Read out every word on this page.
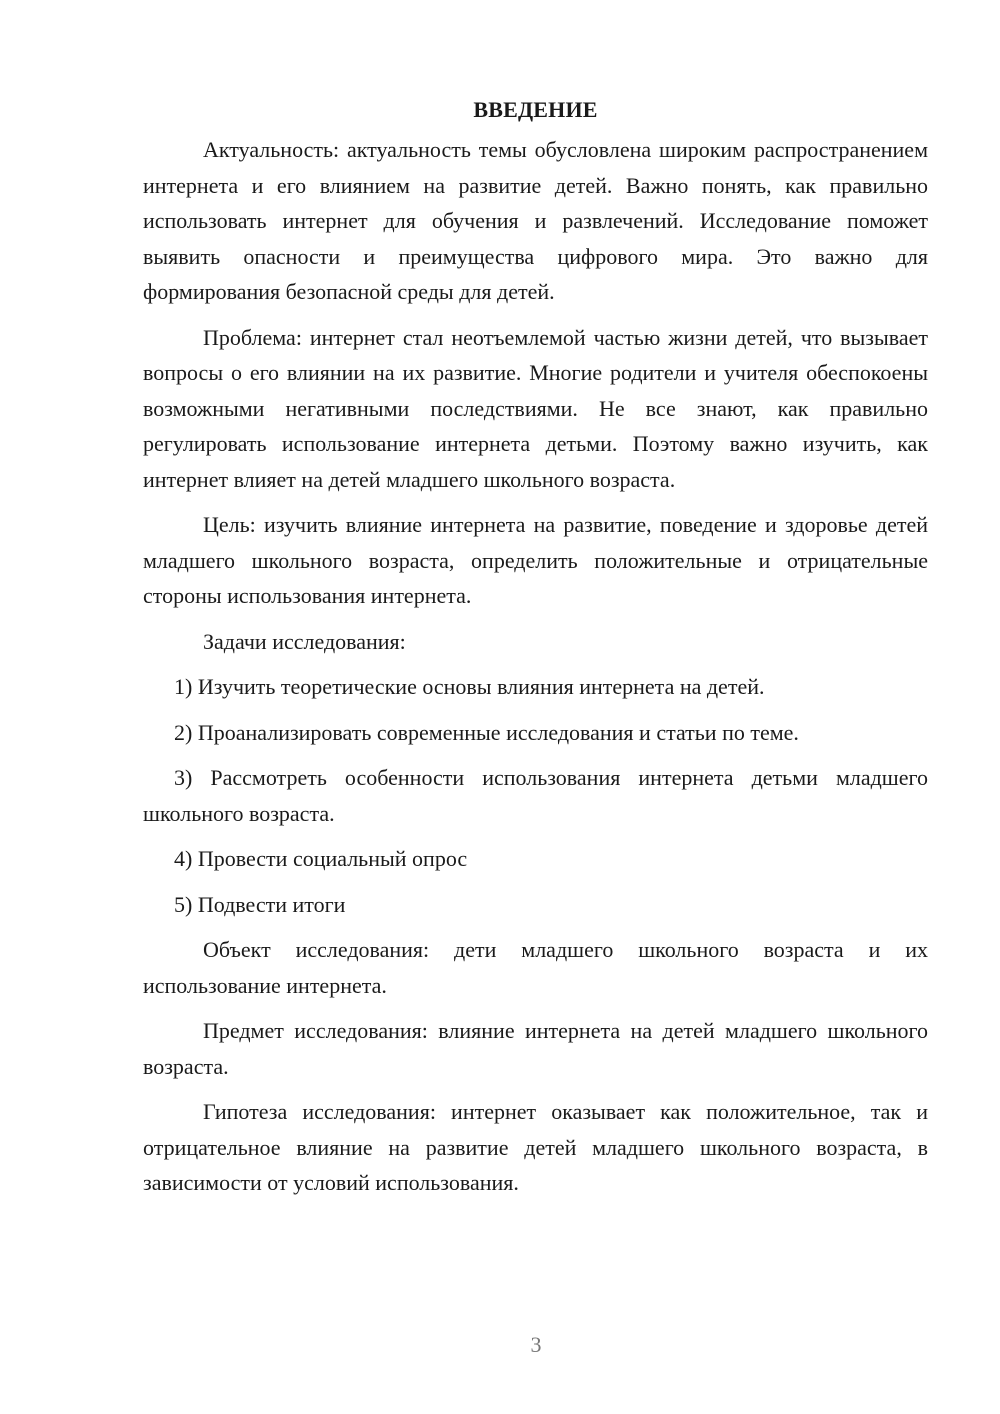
ВВЕДЕНИЕ

Актуальность: актуальность темы обусловлена широким распространением интернета и его влиянием на развитие детей. Важно понять, как правильно использовать интернет для обучения и развлечений. Исследование поможет выявить опасности и преимущества цифрового мира. Это важно для формирования безопасной среды для детей.

Проблема: интернет стал неотъемлемой частью жизни детей, что вызывает вопросы о его влиянии на их развитие. Многие родители и учителя обеспокоены возможными негативными последствиями. Не все знают, как правильно регулировать использование интернета детьми. Поэтому важно изучить, как интернет влияет на детей младшего школьного возраста.

Цель: изучить влияние интернета на развитие, поведение и здоровье детей младшего школьного возраста, определить положительные и отрицательные стороны использования интернета.

Задачи исследования:

1) Изучить теоретические основы влияния интернета на детей.

2) Проанализировать современные исследования и статьи по теме.

3) Рассмотреть особенности использования интернета детьми младшего школьного возраста.

4) Провести социальный опрос

5) Подвести итоги

Объект исследования: дети младшего школьного возраста и их использование интернета.

Предмет исследования: влияние интернета на детей младшего школьного возраста.

Гипотеза исследования: интернет оказывает как положительное, так и отрицательное влияние на развитие детей младшего школьного возраста, в зависимости от условий использования.

3
